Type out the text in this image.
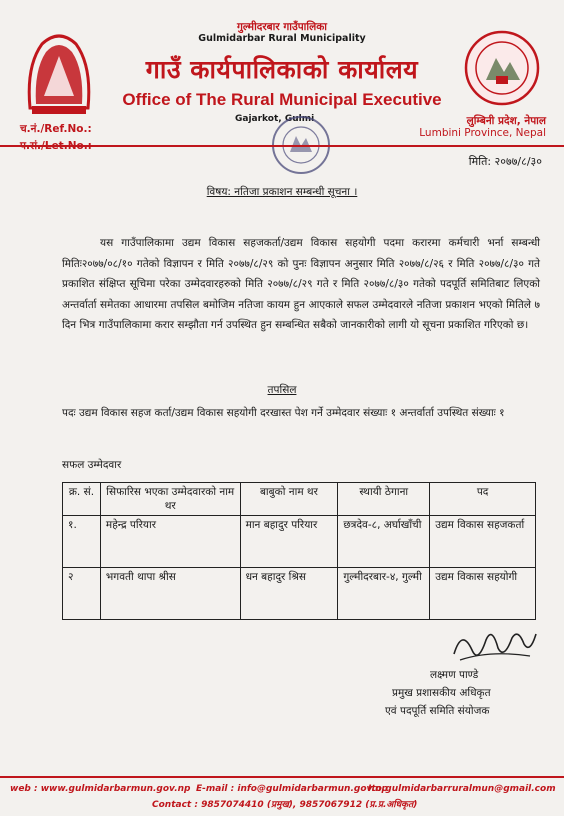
गुल्मीदरबार गाउँपालिका
Gulmidarbar Rural Municipality
गाउँ कार्यपालिकाको कार्यालय
Office of The Rural Municipal Executive
Gajarkot, Gulmi
च.नं./Ref.No.:
लुम्बिनी प्रदेश, नेपाल
Lumbini Province, Nepal
मिति: २०७७/८/३०
विषय: नतिजा प्रकाशन सम्बन्धी सूचना ।
यस गाउँपालिकामा उद्यम विकास सहजकर्ता/उद्यम विकास सहयोगी पदमा करारमा कर्मचारी भर्ना सम्बन्धी मितिः२०७७/०८/१० गतेको विज्ञापन र मिति २०७७/८/२९ को पुनः विज्ञापन अनुसार मिति २०७७/८/२६ र मिति २०७७/८/३० गते प्रकाशित संक्षिप्त सूचिमा परेका उम्मेदवारहरुको मिति २०७७/८/२९ गते र मिति २०७७/८/३० गतेको पदपूर्ति समितिबाट लिएको अन्तर्वार्ता समेतका आधारमा तपसिल बमोजिम नतिजा कायम हुन आएकाले सफल उम्मेदवारले नतिजा प्रकाशन भएको मितिले ७ दिन भित्र गाउँपालिकामा करार सम्झौता गर्न उपस्थित हुन सम्बन्धित सबैको जानकारीको लागी यो सूचना प्रकाशित गरिएको छ।
तपसिल
पदः उद्यम विकास सहज कर्ता/उद्यम विकास सहयोगी दरखास्त पेश गर्ने उम्मेदवार संख्याः १ अन्तर्वार्ता उपस्थित संख्याः १
सफल उम्मेदवार
क्र. सं.	सिफारिस भएका उम्मेदवारको नाम थर	बाबुको नाम थर	स्थायी ठेगाना	पद
१.	महेन्द्र परियार	मान बहादुर परियार	छत्रदेव-८, अर्घाखाँची	उद्यम विकास सहजकर्ता
२	भगवती थापा श्रीस	धन बहादुर श्रिस	गुल्मीदरबार-४, गुल्मी	उद्यम विकास सहयोगी
लक्ष्मण पाण्डे
प्रमुख प्रशासकीय अधिकृत
एवं पदपूर्ति समिति संयोजक
web : www.gulmidarbarmun.gov.np E-mail : info@gulmidarbarmun.gov.np
Ito.gulmidarbarruralmun@gmail.com
Contact : 9857074410 (प्रमुख), 9857067912 (प्र.प्र.अधिकृत)
